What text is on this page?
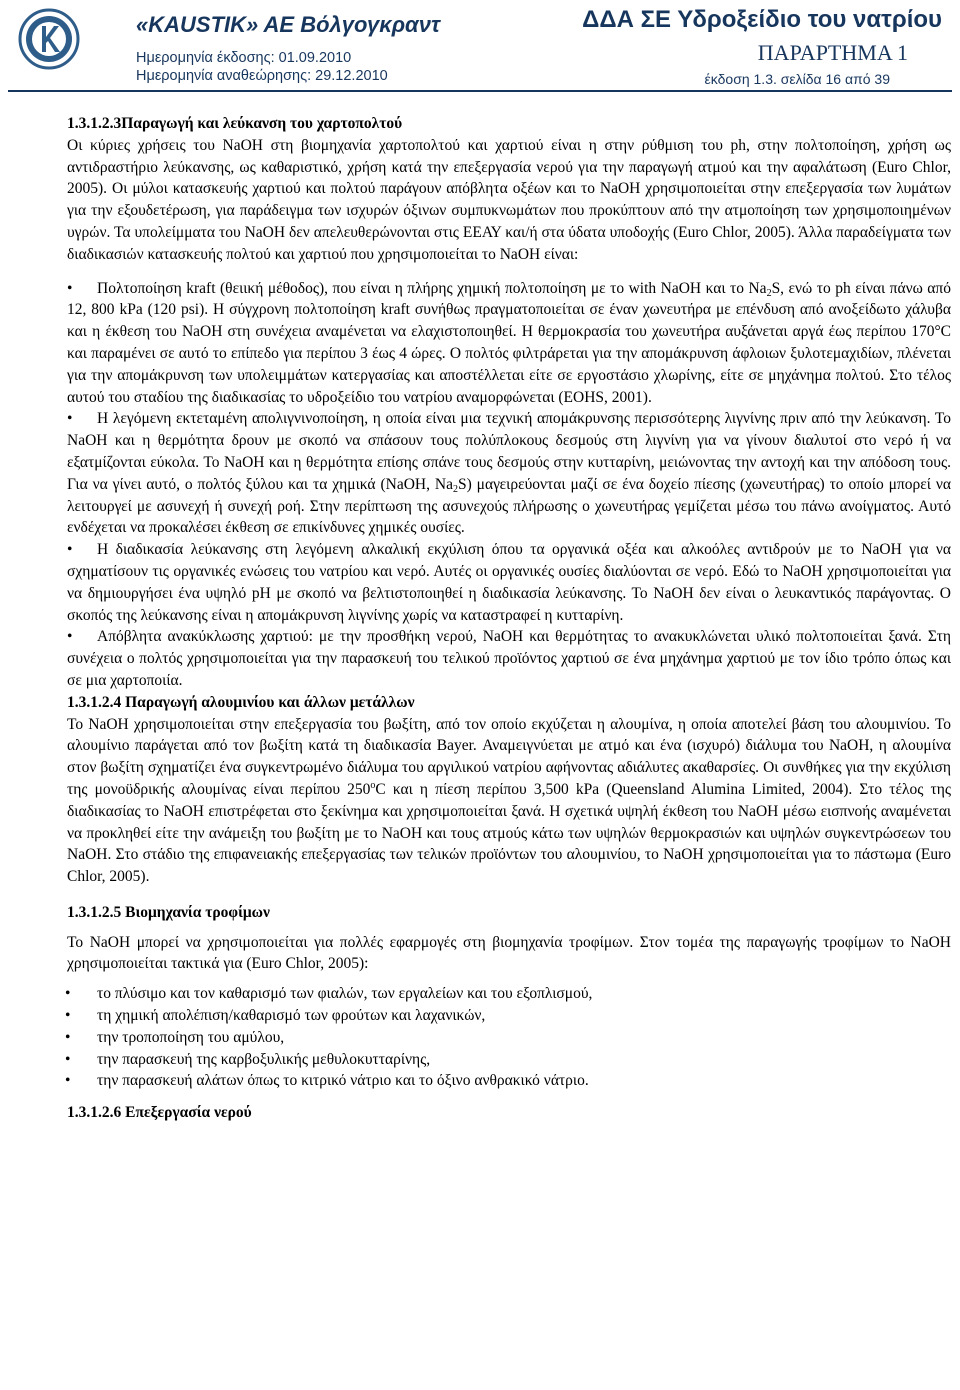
«KAUSTIK» AE Βόλγογκραντ
Ημερομηνία έκδοσης: 01.09.2010
Ημερομηνία αναθεώρησης: 29.12.2010
ΔΔΑ ΣΕ Υδροξείδιο του νατρίου
ΠΑΡΑΡΤΗΜΑ 1
έκδοση 1.3. σελίδα 16 από 39

1.3.1.2.3Παραγωγή και λεύκανση του χαρτοπολτού

Οι κύριες χρήσεις του NaOH στη βιομηχανία χαρτοπολτού και χαρτιού είναι η στην ρύθμιση του ph, στην πολτοποίηση, χρήση ως αντιδραστήριο λεύκανσης, ως καθαριστικό, χρήση κατά την επεξεργασία νερού για την παραγωγή ατμού και την αφαλάτωση (Euro Chlor, 2005). Οι μύλοι κατασκευής χαρτιού και πολτού παράγουν απόβλητα οξέων και το NaOH χρησιμοποιείται στην επεξεργασία των λυμάτων για την εξουδετέρωση, για παράδειγμα των ισχυρών όξινων συμπυκνωμάτων που προκύπτουν από την ατμοποίηση των χρησιμοποιημένων υγρών. Τα υπολείμματα του NaOH δεν απελευθερώνονται στις ΕΕΑΥ και/ή στα ύδατα υποδοχής (Euro Chlor, 2005). Άλλα παραδείγματα των διαδικασιών κατασκευής πολτού και χαρτιού που χρησιμοποιείται το NaOH είναι:

• Πολτοποίηση kraft (θειική μέθοδος), που είναι η πλήρης χημική πολτοποίηση με το with NaOH και το $Na_2S$, ενώ το ph είναι πάνω από 12, 800 kPa (120 psi). Η σύγχρονη πολτοποίηση kraft συνήθως πραγματοποιείται σε έναν χωνευτήρα με επένδυση από ανοξείδωτο χάλυβα και η έκθεση του NaOH στη συνέχεια αναμένεται να ελαχιστοποιηθεί. Η θερμοκρασία του χωνευτήρα αυξάνεται αργά έως περίπου 170°C και παραμένει σε αυτό το επίπεδο για περίπου 3 έως 4 ώρες. Ο πολτός φιλτράρεται για την απομάκρυνση άφλοιων ξυλοτεμαχιδίων, πλένεται για την απομάκρυνση των υπολειμμάτων κατεργασίας και αποστέλλεται είτε σε εργοστάσιο χλωρίνης, είτε σε μηχάνημα πολτού. Στο τέλος αυτού του σταδίου της διαδικασίας το υδροξείδιο του νατρίου αναμορφώνεται (EOHS, 2001).

• Η λεγόμενη εκτεταμένη απολιγνινοποίηση, η οποία είναι μια τεχνική απομάκρυνσης περισσότερης λιγνίνης πριν από την λεύκανση. Το NaOH και η θερμότητα δρουν με σκοπό να σπάσουν τους πολύπλοκους δεσμούς στη λιγνίνη για να γίνουν διαλυτοί στο νερό ή να εξατμίζονται εύκολα. Το NaOH και η θερμότητα επίσης σπάνε τους δεσμούς στην κυτταρίνη, μειώνοντας την αντοχή και την απόδοση τους. Για να γίνει αυτό, ο πολτός ξύλου και τα χημικά (NaOH, $Na_2S$) μαγειρεύονται μαζί σε ένα δοχείο πίεσης (χωνευτήρας) το οποίο μπορεί να λειτουργεί με ασυνεχή ή συνεχή ροή. Στην περίπτωση της ασυνεχούς πλήρωσης ο χωνευτήρας γεμίζεται μέσω του πάνω ανοίγματος. Αυτό ενδέχεται να προκαλέσει έκθεση σε επικίνδυνες χημικές ουσίες.

• Η διαδικασία λεύκανσης στη λεγόμενη αλκαλική εκχύλιση όπου τα οργανικά οξέα και αλκοόλες αντιδρούν με το NaOH για να σχηματίσουν τις οργανικές ενώσεις του νατρίου και νερό. Αυτές οι οργανικές ουσίες διαλύονται σε νερό. Εδώ το NaOH χρησιμοποιείται για να δημιουργήσει ένα υψηλό pH με σκοπό να βελτιστοποιηθεί η διαδικασία λεύκανσης. Το NaOH δεν είναι ο λευκαντικός παράγοντας. Ο σκοπός της λεύκανσης είναι η απομάκρυνση λιγνίνης χωρίς να καταστραφεί η κυτταρίνη.

• Απόβλητα ανακύκλωσης χαρτιού: με την προσθήκη νερού, NaOH και θερμότητας το ανακυκλώνεται υλικό πολτοποιείται ξανά. Στη συνέχεια ο πολτός χρησιμοποιείται για την παρασκευή του τελικού προϊόντος χαρτιού σε ένα μηχάνημα χαρτιού με τον ίδιο τρόπο όπως και σε μια χαρτοποιία.

1.3.1.2.4 Παραγωγή αλουμινίου και άλλων μετάλλων

Το NaOH χρησιμοποιείται στην επεξεργασία του βωξίτη, από τον οποίο εκχύζεται η αλουμίνα, η οποία αποτελεί βάση του αλουμινίου. Το αλουμίνιο παράγεται από τον βωξίτη κατά τη διαδικασία Bayer. Αναμειγνύεται με ατμό και ένα (ισχυρό) διάλυμα του NaOH, η αλουμίνα στον βωξίτη σχηματίζει ένα συγκεντρωμένο διάλυμα του αργιλικού νατρίου αφήνοντας αδιάλυτες ακαθαρσίες. Οι συνθήκες για την εκχύλιση της μονοϋδρικής αλουμίνας είναι περίπου 250$^o$C και η πίεση περίπου 3,500 kPa (Queensland Alumina Limited, 2004). Στο τέλος της διαδικασίας το NaOH επιστρέφεται στο ξεκίνημα και χρησιμοποιείται ξανά. Η σχετικά υψηλή έκθεση του NaOH μέσω εισπνοής αναμένεται να προκληθεί είτε την ανάμειξη του βωξίτη με το NaOH και τους ατμούς κάτω των υψηλών θερμοκρασιών και υψηλών συγκεντρώσεων του NaOH. Στο στάδιο της επιφανειακής επεξεργασίας των τελικών προϊόντων του αλουμινίου, το NaOH χρησιμοποιείται για το πάστωμα (Euro Chlor, 2005).

1.3.1.2.5 Βιομηχανία τροφίμων

Το NaOH μπορεί να χρησιμοποιείται για πολλές εφαρμογές στη βιομηχανία τροφίμων. Στον τομέα της παραγωγής τροφίμων το NaOH χρησιμοποιείται τακτικά για (Euro Chlor, 2005):

• το πλύσιμο και τον καθαρισμό των φιαλών, των εργαλείων και του εξοπλισμού,
• τη χημική απολέπιση/καθαρισμό των φρούτων και λαχανικών,
• την τροποποίηση του αμύλου,
• την παρασκευή της καρβοξυλικής μεθυλοκυτταρίνης,
• την παρασκευή αλάτων όπως το κιτρικό νάτριο και το όξινο ανθρακικό νάτριο.

1.3.1.2.6 Επεξεργασία νερού
